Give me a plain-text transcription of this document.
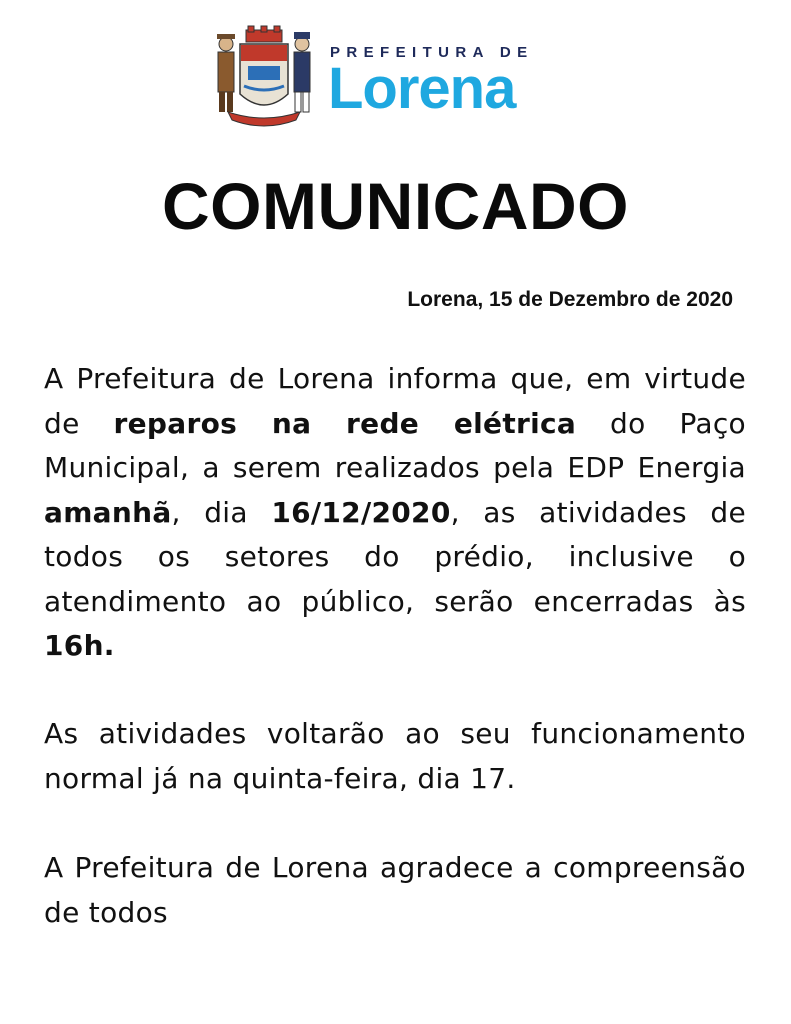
PREFEITURA DE
Lorena
COMUNICADO
Lorena, 15 de Dezembro de 2020
A Prefeitura de Lorena informa que, em virtude de reparos na rede elétrica do Paço Municipal, a serem realizados pela EDP Energia amanhã, dia 16/12/2020, as atividades de todos os setores do prédio, inclusive o atendimento ao público, serão encerradas às 16h.
As atividades voltarão ao seu funcionamento normal já na quinta-feira, dia 17.
A Prefeitura de Lorena agradece a compreensão de todos
